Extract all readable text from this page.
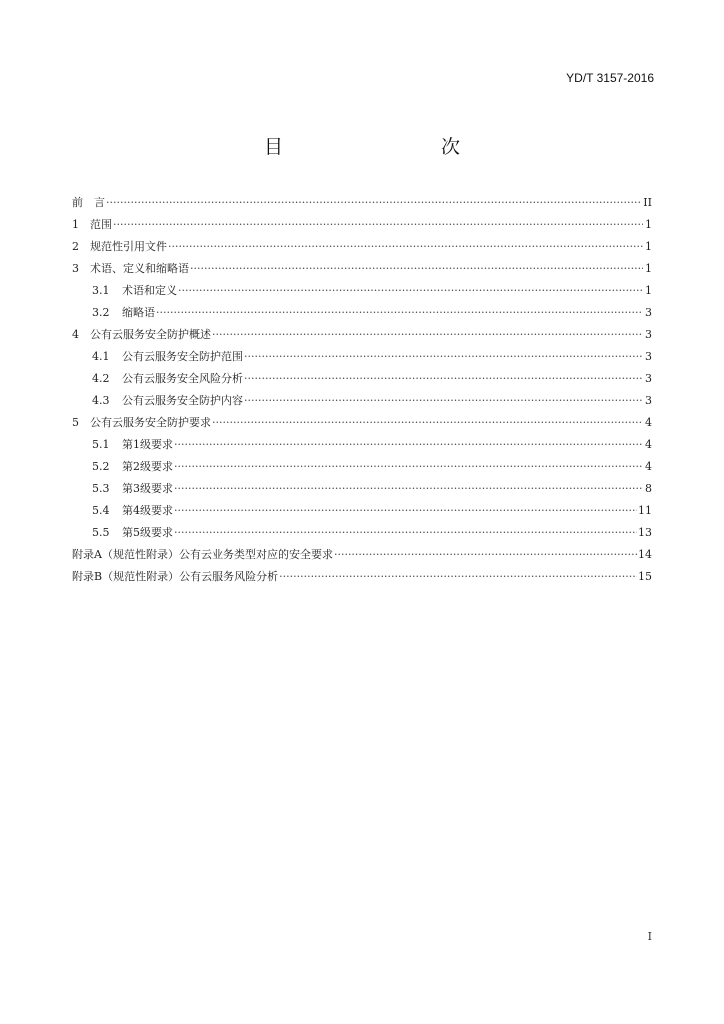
YD/T 3157-2016
目　　次
前　言 ·····	II
1	范围 ·····	1
2	规范性引用文件 ·····	1
3	术语、定义和缩略语 ·····	1
3.1	术语和定义 ·····	1
3.2	缩略语 ·····	3
4	公有云服务安全防护概述 ·····	3
4.1	公有云服务安全防护范围 ·····	3
4.2	公有云服务安全风险分析 ·····	3
4.3	公有云服务安全防护内容 ·····	3
5	公有云服务安全防护要求 ·····	4
5.1	第1级要求 ·····	4
5.2	第2级要求 ·····	4
5.3	第3级要求 ·····	8
5.4	第4级要求 ·····	11
5.5	第5级要求 ·····	13
附录A（规范性附录）公有云业务类型对应的安全要求 ·····	14
附录B（规范性附录）公有云服务风险分析 ·····	15
I
